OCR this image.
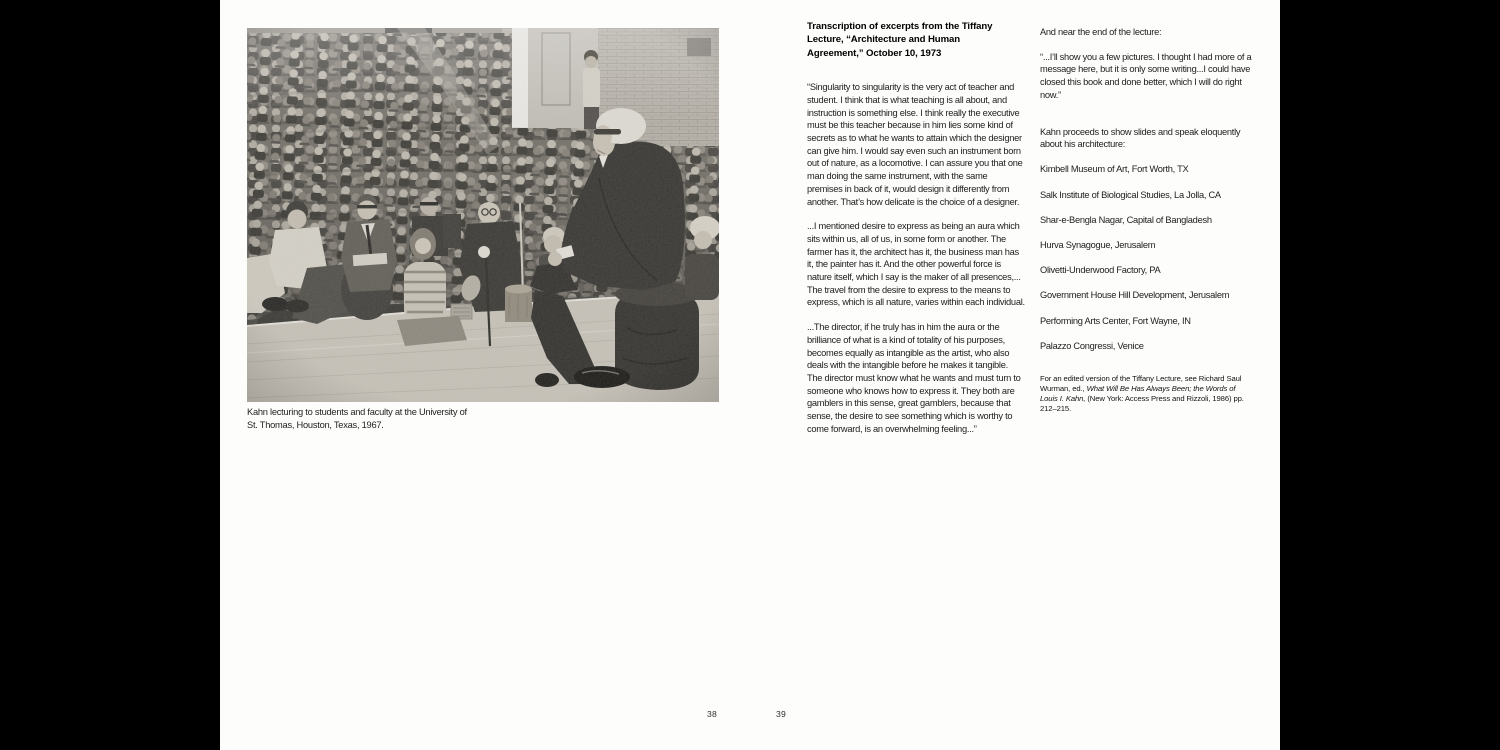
Kahn lecturing to students and faculty at the University of St. Thomas, Houston, Texas, 1967.
Transcription of excerpts from the Tiffany Lecture, “Architecture and Human Agreement,” October 10, 1973

“Singularity to singularity is the very act of teacher and student. I think that is what teaching is all about, and instruction is something else. I think really the executive must be this teacher because in him lies some kind of secrets as to what he wants to attain which the designer can give him. I would say even such an instrument born out of nature, as a locomotive. I can assure you that one man doing the same instrument, with the same premises in back of it, would design it differently from another. That’s how delicate is the choice of a designer.

...I mentioned desire to express as being an aura which sits within us, all of us, in some form or another. The farmer has it, the architect has it, the business man has it, the painter has it. And the other powerful force is nature itself, which I say is the maker of all presences,... The travel from the desire to express to the means to express, which is all nature, varies within each individual.

...The director, if he truly has in him the aura or the brilliance of what is a kind of totality of his purposes, becomes equally as intangible as the artist, who also deals with the intangible before he makes it tangible. The director must know what he wants and must turn to someone who knows how to express it. They both are gamblers in this sense, great gamblers, because that sense, the desire to see something which is worthy to come forward, is an overwhelming feeling...”

And near the end of the lecture:

“...I’ll show you a few pictures. I thought I had more of a message here, but it is only some writing...I could have closed this book and done better, which I will do right now.”

Kahn proceeds to show slides and speak eloquently about his architecture:

Kimbell Museum of Art, Fort Worth, TX
Salk Institute of Biological Studies, La Jolla, CA
Shar-e-Bengla Nagar, Capital of Bangladesh
Hurva Synagogue, Jerusalem
Olivetti-Underwood Factory, PA
Government House Hill Development, Jerusalem
Performing Arts Center, Fort Wayne, IN
Palazzo Congressi, Venice
For an edited version of the Tiffany Lecture, see Richard Saul Wurman, ed., What Will Be Has Always Been; the Words of Louis I. Kahn, (New York: Access Press and Rizzoli, 1986) pp. 212–215.
38	39
